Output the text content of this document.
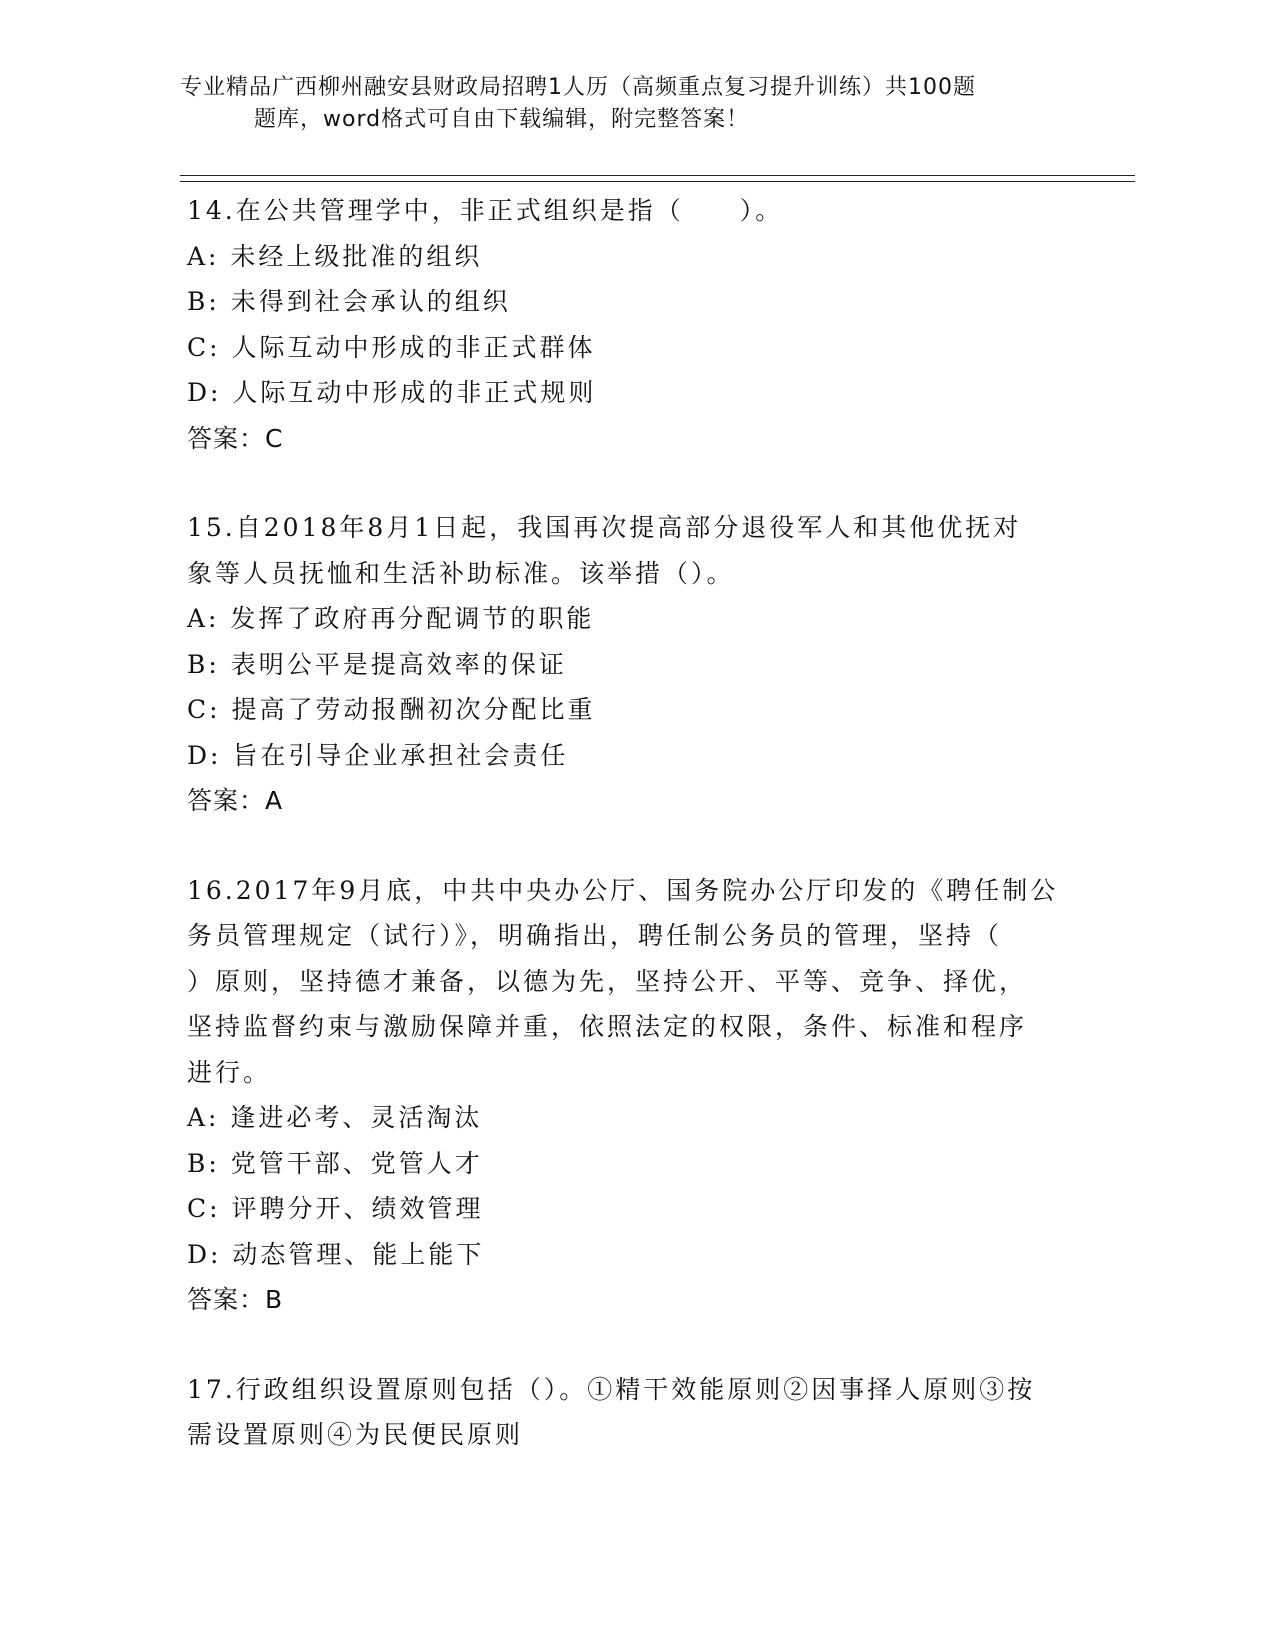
专业精品广西柳州融安县财政局招聘1人历（高频重点复习提升训练）共100题
题库，word格式可自由下载编辑，附完整答案！

14.在公共管理学中，非正式组织是指（　　）。

A: 未经上级批准的组织

B: 未得到社会承认的组织

C: 人际互动中形成的非正式群体

D: 人际互动中形成的非正式规则

答案：C

15.自2018年8月1日起，我国再次提高部分退役军人和其他优抚对

象等人员抚恤和生活补助标准。该举措（）。

A: 发挥了政府再分配调节的职能

B: 表明公平是提高效率的保证

C: 提高了劳动报酬初次分配比重

D: 旨在引导企业承担社会责任

答案：A

16.2017年9月底，中共中央办公厅、国务院办公厅印发的《聘任制公

务员管理规定（试行）》，明确指出，聘任制公务员的管理，坚持（

）原则，坚持德才兼备，以德为先，坚持公开、平等、竞争、择优，

坚持监督约束与激励保障并重，依照法定的权限，条件、标准和程序

进行。

A: 逢进必考、灵活淘汰

B: 党管干部、党管人才

C: 评聘分开、绩效管理

D: 动态管理、能上能下

答案：B

17.行政组织设置原则包括（）。①精干效能原则②因事择人原则③按

需设置原则④为民便民原则
